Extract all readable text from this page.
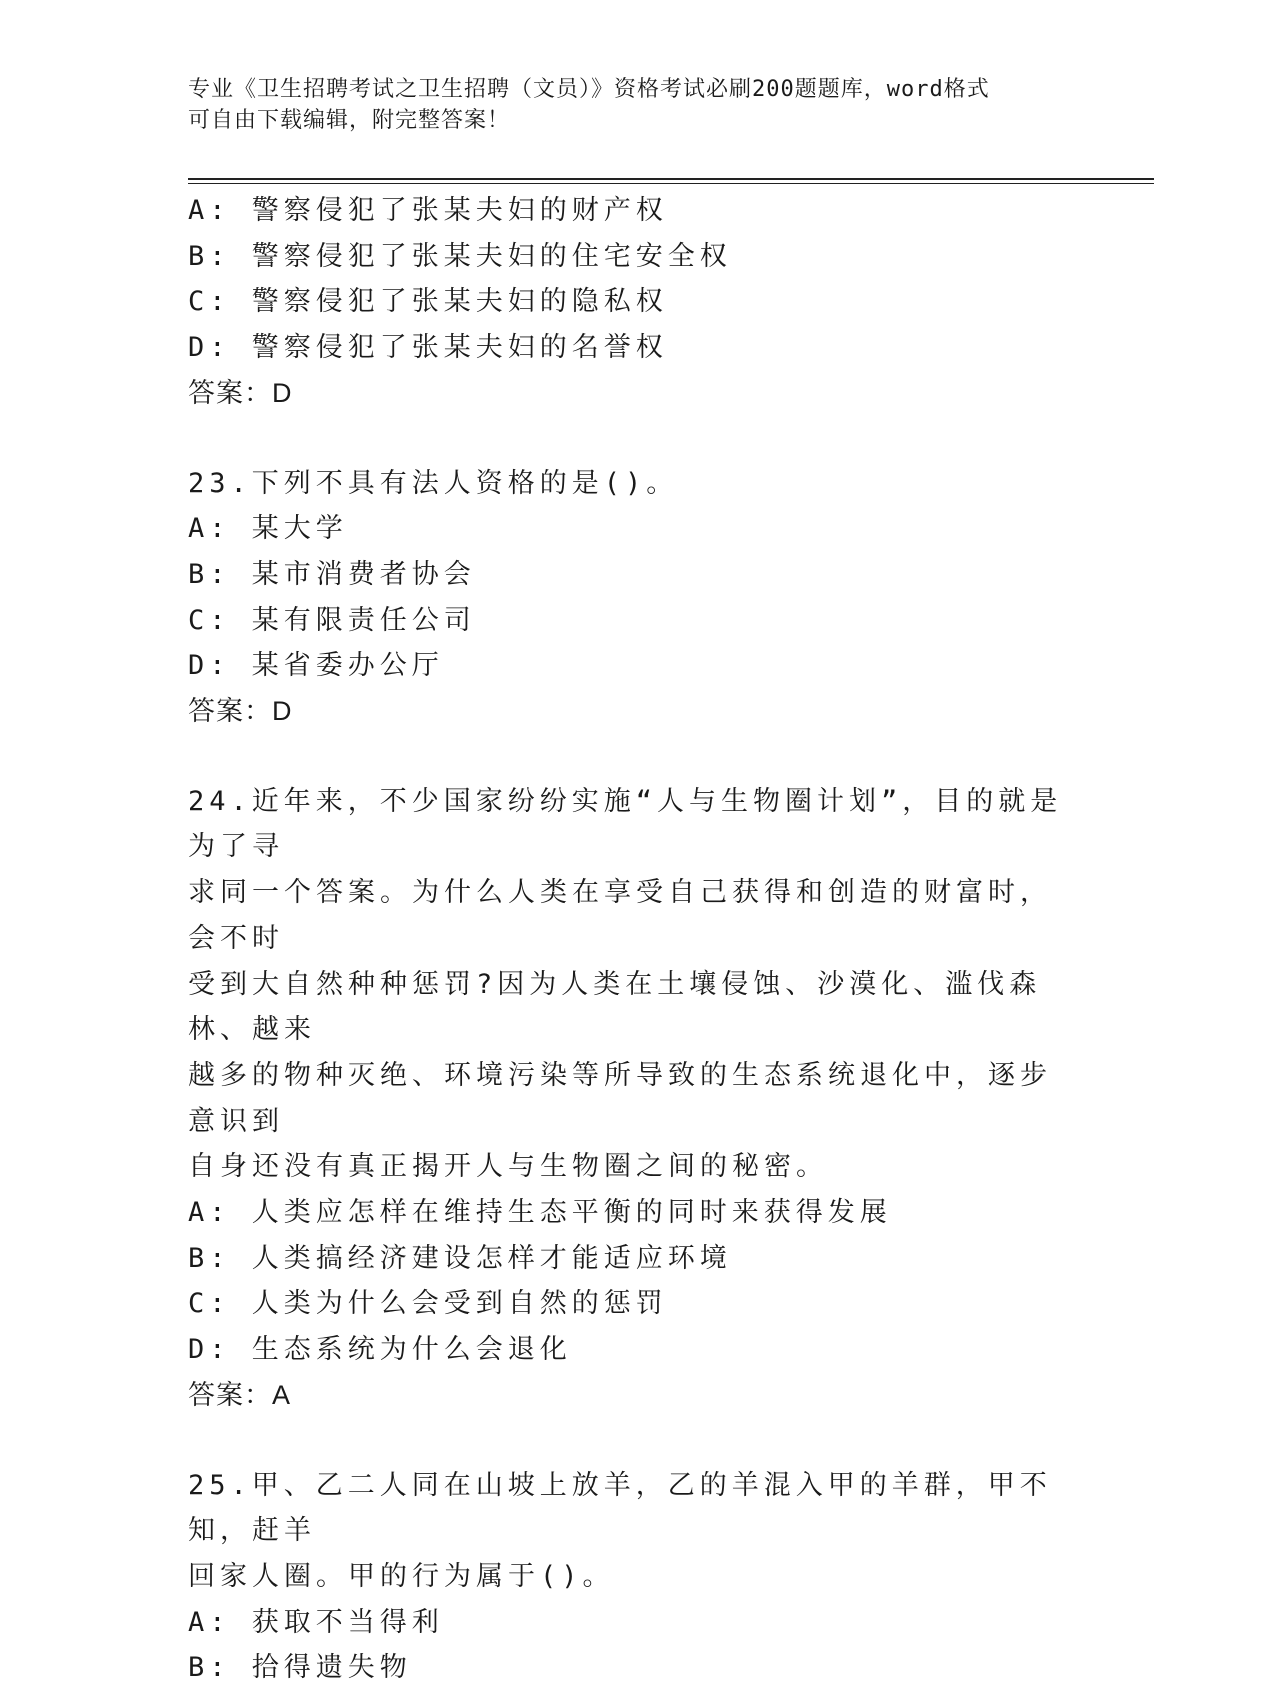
专业《卫生招聘考试之卫生招聘（文员）》资格考试必刷200题题库，word格式
可自由下载编辑，附完整答案！
A: 警察侵犯了张某夫妇的财产权
B: 警察侵犯了张某夫妇的住宅安全权
C: 警察侵犯了张某夫妇的隐私权
D: 警察侵犯了张某夫妇的名誉权
答案：D
23.下列不具有法人资格的是()。
A: 某大学
B: 某市消费者协会
C: 某有限责任公司
D: 某省委办公厅
答案：D
24.近年来，不少国家纷纷实施“人与生物圈计划”，目的就是为了寻
求同一个答案。为什么人类在享受自己获得和创造的财富时，会不时
受到大自然种种惩罚?因为人类在土壤侵蚀、沙漠化、滥伐森林、越来
越多的物种灭绝、环境污染等所导致的生态系统退化中，逐步意识到
自身还没有真正揭开人与生物圈之间的秘密。
A: 人类应怎样在维持生态平衡的同时来获得发展
B: 人类搞经济建设怎样才能适应环境
C: 人类为什么会受到自然的惩罚
D: 生态系统为什么会退化
答案：A
25.甲、乙二人同在山坡上放羊，乙的羊混入甲的羊群，甲不知，赶羊
回家人圈。甲的行为属于()。
A: 获取不当得利
B: 拾得遗失物
